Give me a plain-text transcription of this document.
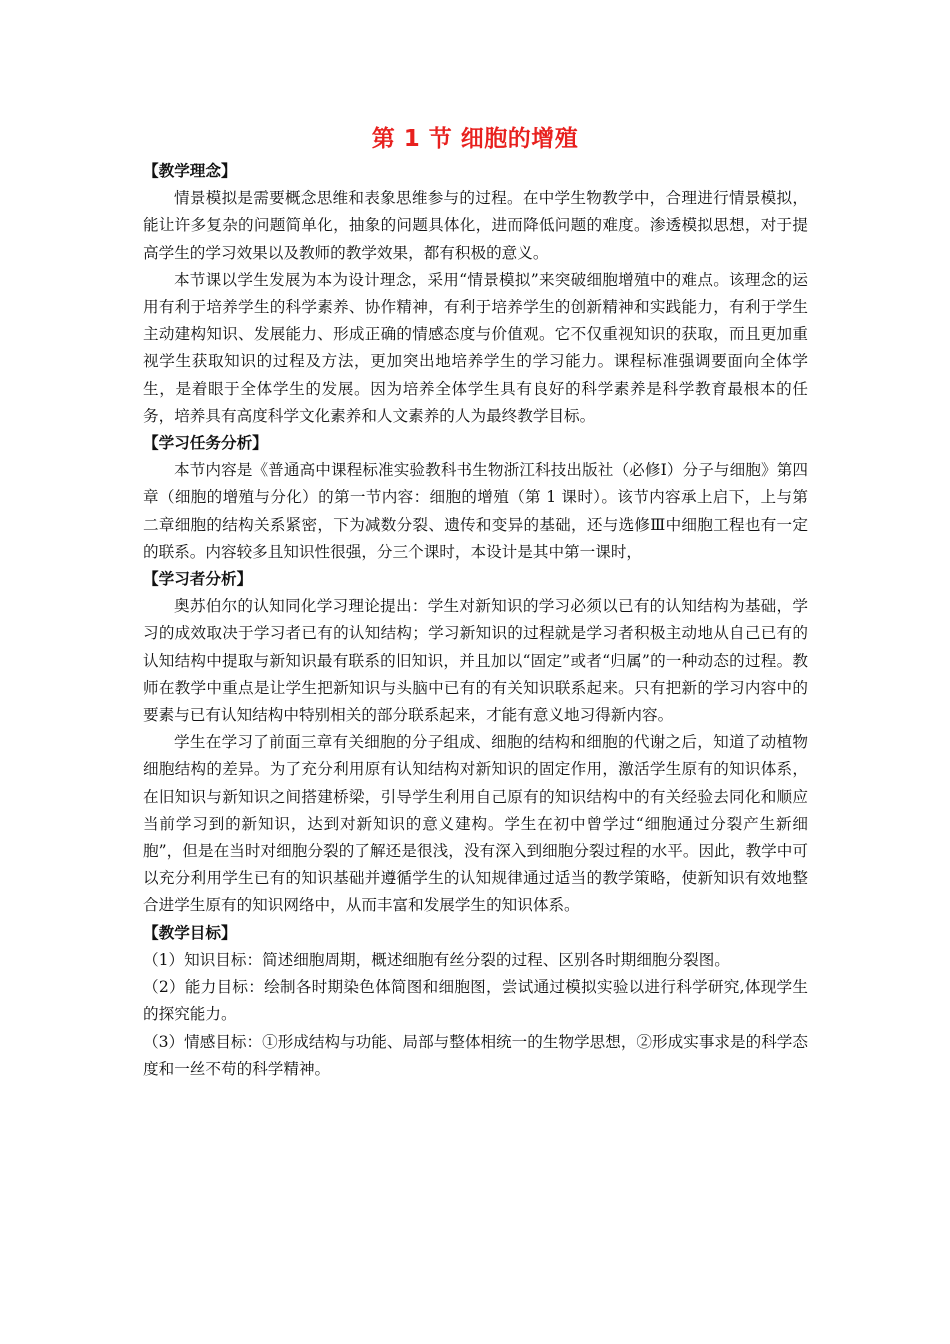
第 1 节 细胞的增殖

【教学理念】

情景模拟是需要概念思维和表象思维参与的过程。在中学生物教学中，合理进行情景模拟，能让许多复杂的问题简单化，抽象的问题具体化，进而降低问题的难度。渗透模拟思想，对于提高学生的学习效果以及教师的教学效果，都有积极的意义。

本节课以学生发展为本为设计理念，采用“情景模拟”来突破细胞增殖中的难点。该理念的运用有利于培养学生的科学素养、协作精神，有利于培养学生的创新精神和实践能力，有利于学生主动建构知识、发展能力、形成正确的情感态度与价值观。它不仅重视知识的获取，而且更加重视学生获取知识的过程及方法，更加突出地培养学生的学习能力。课程标准强调要面向全体学生，是着眼于全体学生的发展。因为培养全体学生具有良好的科学素养是科学教育最根本的任务，培养具有高度科学文化素养和人文素养的人为最终教学目标。

【学习任务分析】

本节内容是《普通高中课程标准实验教科书生物浙江科技出版社（必修Ⅰ）分子与细胞》第四章（细胞的增殖与分化）的第一节内容：细胞的增殖（第 1 课时）。该节内容承上启下，上与第二章细胞的结构关系紧密，下为减数分裂、遗传和变异的基础，还与选修Ⅲ中细胞工程也有一定的联系。内容较多且知识性很强，分三个课时，本设计是其中第一课时，

【学习者分析】

奥苏伯尔的认知同化学习理论提出：学生对新知识的学习必须以已有的认知结构为基础，学习的成效取决于学习者已有的认知结构；学习新知识的过程就是学习者积极主动地从自己已有的认知结构中提取与新知识最有联系的旧知识，并且加以“固定”或者“归属”的一种动态的过程。教师在教学中重点是让学生把新知识与头脑中已有的有关知识联系起来。只有把新的学习内容中的要素与已有认知结构中特别相关的部分联系起来，才能有意义地习得新内容。

学生在学习了前面三章有关细胞的分子组成、细胞的结构和细胞的代谢之后，知道了动植物细胞结构的差异。为了充分利用原有认知结构对新知识的固定作用，激活学生原有的知识体系，在旧知识与新知识之间搭建桥梁，引导学生利用自己原有的知识结构中的有关经验去同化和顺应当前学习到的新知识，达到对新知识的意义建构。学生在初中曾学过“细胞通过分裂产生新细胞”，但是在当时对细胞分裂的了解还是很浅，没有深入到细胞分裂过程的水平。因此，教学中可以充分利用学生已有的知识基础并遵循学生的认知规律通过适当的教学策略，使新知识有效地整合进学生原有的知识网络中，从而丰富和发展学生的知识体系。

【教学目标】

（1）知识目标：简述细胞周期，概述细胞有丝分裂的过程、区别各时期细胞分裂图。

（2）能力目标：绘制各时期染色体简图和细胞图，尝试通过模拟实验以进行科学研究,体现学生的探究能力。

（3）情感目标：①形成结构与功能、局部与整体相统一的生物学思想，②形成实事求是的科学态度和一丝不苟的科学精神。
